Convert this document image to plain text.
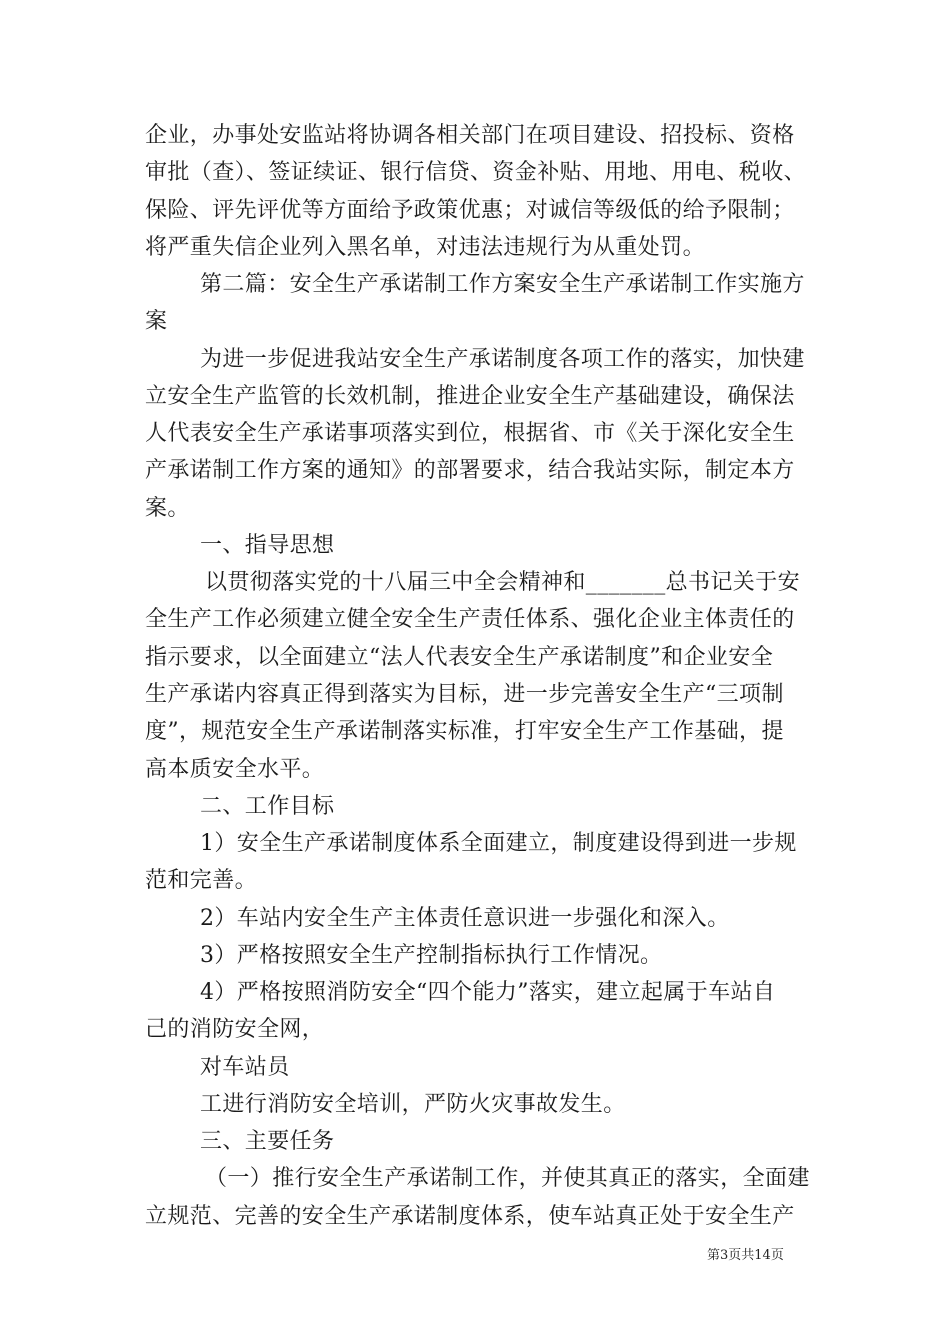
企业，办事处安监站将协调各相关部门在项目建设、招投标、资格
审批（查）、签证续证、银行信贷、资金补贴、用地、用电、税收、
保险、评先评优等方面给予政策优惠；对诚信等级低的给予限制；
将严重失信企业列入黑名单，对违法违规行为从重处罚。
第二篇：安全生产承诺制工作方案安全生产承诺制工作实施方
案
为进一步促进我站安全生产承诺制度各项工作的落实，加快建
立安全生产监管的长效机制，推进企业安全生产基础建设，确保法
人代表安全生产承诺事项落实到位，根据省、市《关于深化安全生
产承诺制工作方案的通知》的部署要求，结合我站实际，制定本方
案。
一、指导思想
以贯彻落实党的十八届三中全会精神和_______总书记关于安
全生产工作必须建立健全安全生产责任体系、强化企业主体责任的
指示要求，以全面建立“法人代表安全生产承诺制度”和企业安全
生产承诺内容真正得到落实为目标，进一步完善安全生产“三项制
度”，规范安全生产承诺制落实标准，打牢安全生产工作基础，提
高本质安全水平。
二、工作目标
1）安全生产承诺制度体系全面建立，制度建设得到进一步规
范和完善。
2）车站内安全生产主体责任意识进一步强化和深入。
3）严格按照安全生产控制指标执行工作情况。
4）严格按照消防安全“四个能力”落实，建立起属于车站自
己的消防安全网，
对车站员
工进行消防安全培训，严防火灾事故发生。
三、主要任务
（一）推行安全生产承诺制工作，并使其真正的落实，全面建
立规范、完善的安全生产承诺制度体系，使车站真正处于安全生产
第3页共14页
